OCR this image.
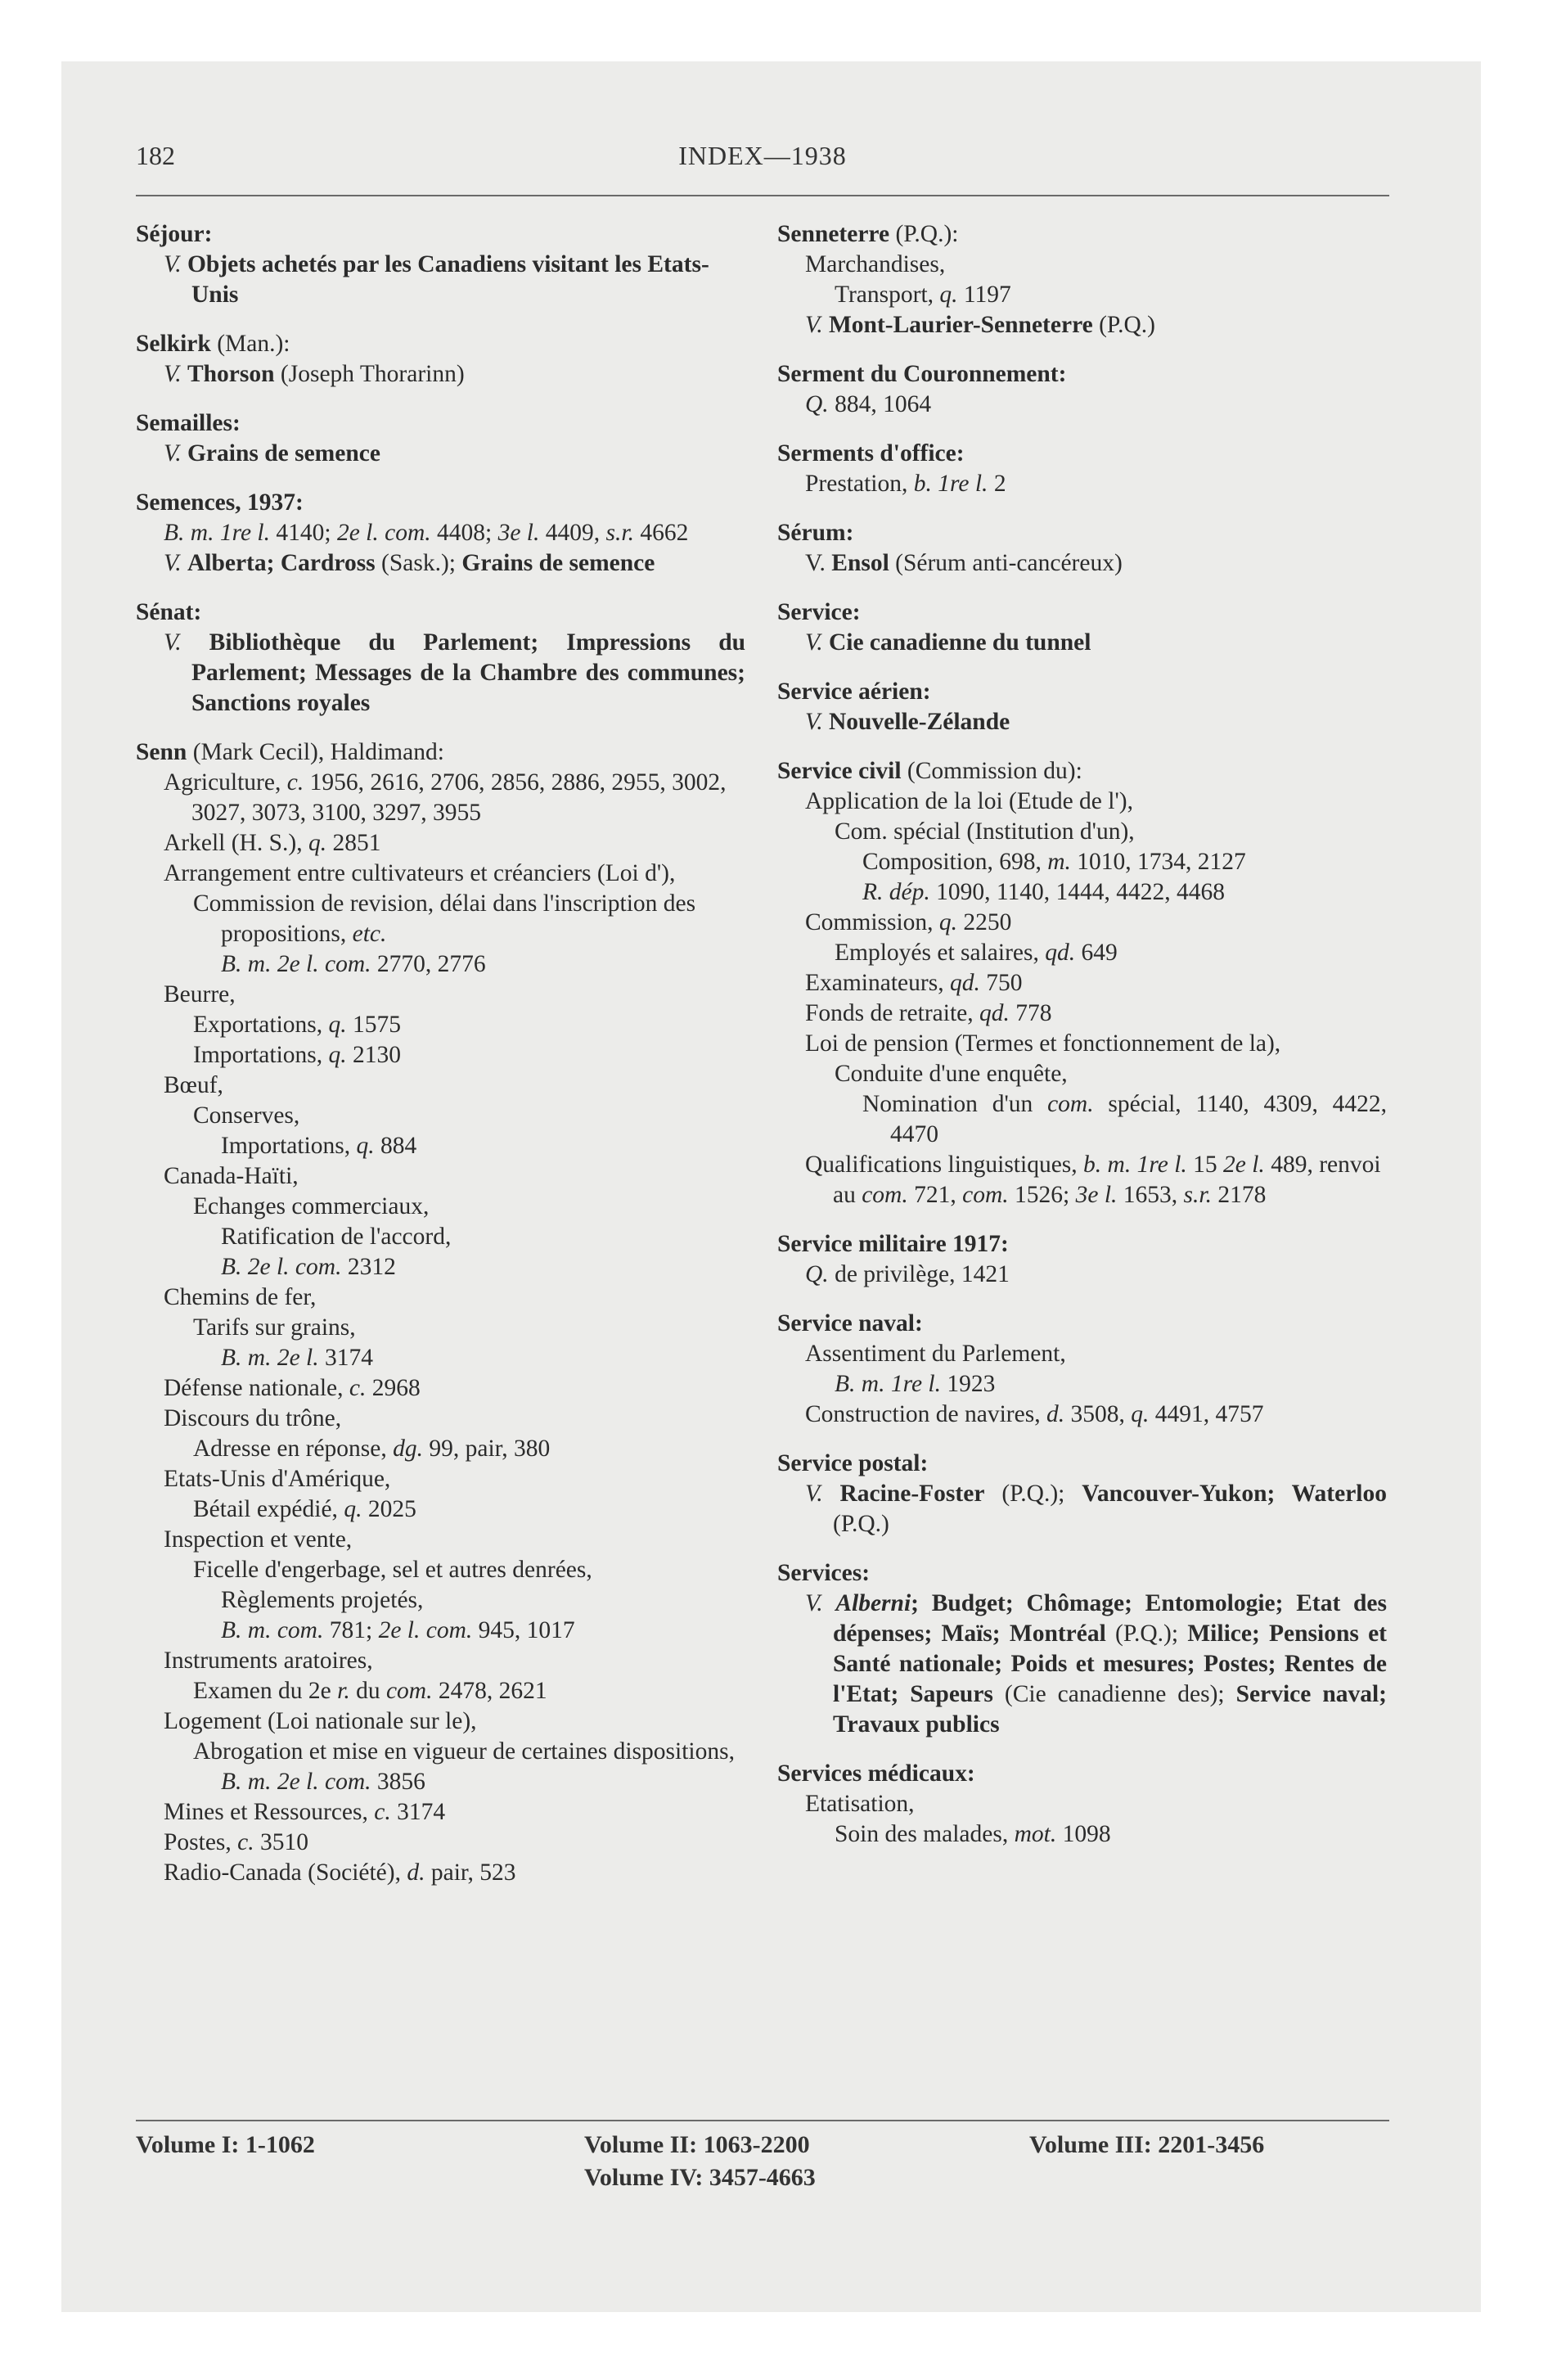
182	INDEX—1938
Séjour:
V. Objets achetés par les Canadiens visitant les Etats-Unis
Selkirk (Man.):
V. Thorson (Joseph Thorarinn)
Semailles:
V. Grains de semence
Semences, 1937:
B. m. 1re l. 4140; 2e l. com. 4408; 3e l. 4409, s.r. 4662
V. Alberta; Cardross (Sask.); Grains de semence
Sénat:
V. Bibliothèque du Parlement; Impressions du Parlement; Messages de la Chambre des communes; Sanctions royales
Senn (Mark Cecil), Haldimand:
Agriculture, c. 1956, 2616, 2706, 2856, 2886, 2955, 3002, 3027, 3073, 3100, 3297, 3955
Arkell (H. S.), q. 2851
Arrangement entre cultivateurs et créanciers (Loi d'),
Commission de revision, délai dans l'inscription des propositions, etc.
B. m. 2e l. com. 2770, 2776
Beurre,
Exportations, q. 1575
Importations, q. 2130
Bœuf,
Conserves,
Importations, q. 884
Canada-Haïti,
Echanges commerciaux,
Ratification de l'accord,
B. 2e l. com. 2312
Chemins de fer,
Tarifs sur grains,
B. m. 2e l. 3174
Défense nationale, c. 2968
Discours du trône,
Adresse en réponse, dg. 99, pair, 380
Etats-Unis d'Amérique,
Bétail expédié, q. 2025
Inspection et vente,
Ficelle d'engerbage, sel et autres denrées,
Règlements projetés,
B. m. com. 781; 2e l. com. 945, 1017
Instruments aratoires,
Examen du 2e r. du com. 2478, 2621
Logement (Loi nationale sur le),
Abrogation et mise en vigueur de certaines dispositions,
B. m. 2e l. com. 3856
Mines et Ressources, c. 3174
Postes, c. 3510
Radio-Canada (Société), d. pair, 523
Senneterre (P.Q.):
Marchandises,
Transport, q. 1197
V. Mont-Laurier-Senneterre (P.Q.)
Serment du Couronnement:
Q. 884, 1064
Serments d'office:
Prestation, b. 1re l. 2
Sérum:
V. Ensol (Sérum anti-cancéreux)
Service:
V. Cie canadienne du tunnel
Service aérien:
V. Nouvelle-Zélande
Service civil (Commission du):
Application de la loi (Etude de l'),
Com. spécial (Institution d'un),
Composition, 698, m. 1010, 1734, 2127
R. dép. 1090, 1140, 1444, 4422, 4468
Commission, q. 2250
Employés et salaires, qd. 649
Examinateurs, qd. 750
Fonds de retraite, qd. 778
Loi de pension (Termes et fonctionnement de la),
Conduite d'une enquête,
Nomination d'un com. spécial, 1140, 4309, 4422, 4470
Qualifications linguistiques, b. m. 1re l. 15 2e l. 489, renvoi au com. 721, com. 1526; 3e l. 1653, s.r. 2178
Service militaire 1917:
Q. de privilège, 1421
Service naval:
Assentiment du Parlement,
B. m. 1re l. 1923
Construction de navires, d. 3508, q. 4491, 4757
Service postal:
V. Racine-Foster (P.Q.); Vancouver-Yukon; Waterloo (P.Q.)
Services:
V. Alberni; Budget; Chômage; Entomologie; Etat des dépenses; Maïs; Montréal (P.Q.); Milice; Pensions et Santé nationale; Poids et mesures; Postes; Rentes de l'Etat; Sapeurs (Cie canadienne des); Service naval; Travaux publics
Services médicaux:
Etatisation,
Soin des malades, mot. 1098
Volume I: 1-1062	Volume II: 1063-2200	Volume III: 2201-3456
Volume IV: 3457-4663
